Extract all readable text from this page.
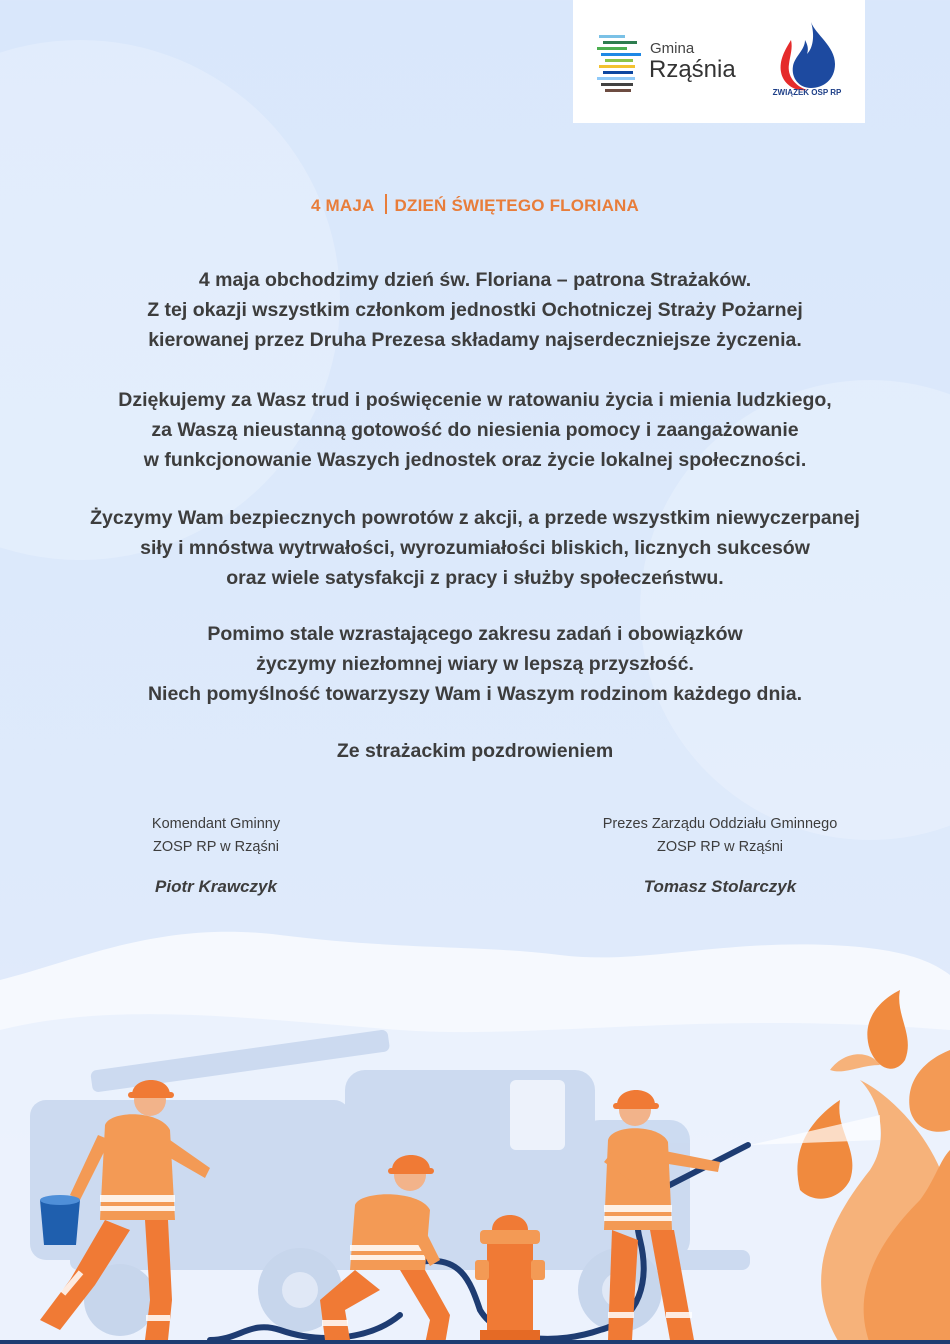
Gmina
Rząśnia
ZWIĄZEK OSP RP
4 MAJA DZIEŃ ŚWIĘTEGO FLORIANA
4 maja obchodzimy dzień św. Floriana – patrona Strażaków.
Z tej okazji wszystkim członkom jednostki Ochotniczej Straży Pożarnej
kierowanej przez Druha Prezesa składamy najserdeczniejsze życzenia.
Dziękujemy za Wasz trud i poświęcenie w ratowaniu życia i mienia ludzkiego,
za Waszą nieustanną gotowość do niesienia pomocy i zaangażowanie
w funkcjonowanie Waszych jednostek oraz życie lokalnej społeczności.
Życzymy Wam bezpiecznych powrotów z akcji, a przede wszystkim niewyczerpanej
siły i mnóstwa wytrwałości, wyrozumiałości bliskich, licznych sukcesów
oraz wiele satysfakcji z pracy i służby społeczeństwu.
Pomimo stale wzrastającego zakresu zadań i obowiązków
życzymy niezłomnej wiary w lepszą przyszłość.
Niech pomyślność towarzyszy Wam i Waszym rodzinom każdego dnia.
Ze strażackim pozdrowieniem
Komendant Gminny
ZOSP RP w Rząśni
Piotr Krawczyk
Prezes Zarządu Oddziału Gminnego
ZOSP RP w Rząśni
Tomasz Stolarczyk
